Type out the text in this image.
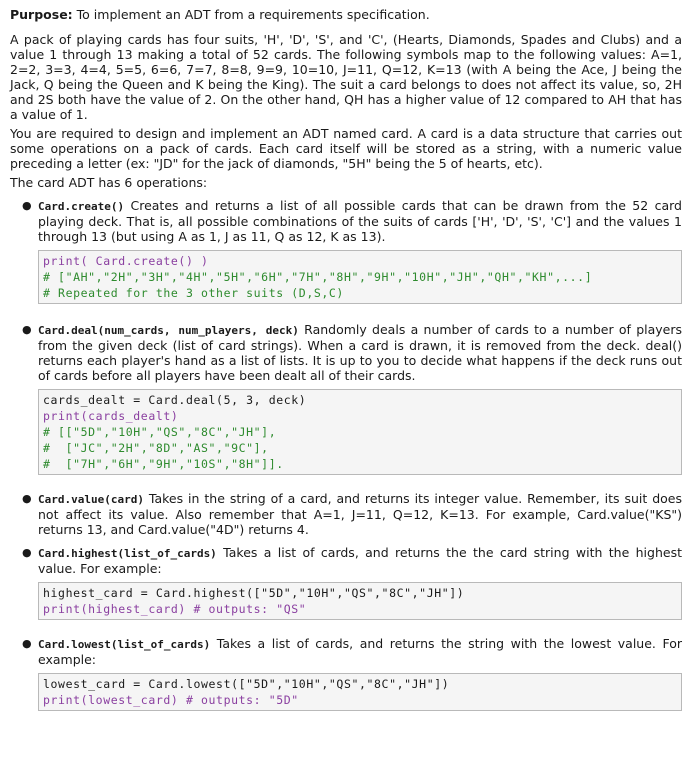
Purpose: To implement an ADT from a requirements specification.

A pack of playing cards has four suits, 'H', 'D', 'S', and 'C', (Hearts, Diamonds, Spades and Clubs) and a value 1 through 13 making a total of 52 cards. The following symbols map to the following values: A=1, 2=2, 3=3, 4=4, 5=5, 6=6, 7=7, 8=8, 9=9, 10=10, J=11, Q=12, K=13 (with A being the Ace, J being the Jack, Q being the Queen and K being the King). The suit a card belongs to does not affect its value, so, 2H and 2S both have the value of 2. On the other hand, QH has a higher value of 12 compared to AH that has a value of 1.

You are required to design and implement an ADT named card. A card is a data structure that carries out some operations on a pack of cards. Each card itself will be stored as a string, with a numeric value preceding a letter (ex: "JD" for the jack of diamonds, "5H" being the 5 of hearts, etc).

The card ADT has 6 operations:

● Card.create() Creates and returns a list of all possible cards that can be drawn from the 52 card playing deck. That is, all possible combinations of the suits of cards ['H', 'D', 'S', 'C'] and the values 1 through 13 (but using A as 1, J as 11, Q as 12, K as 13).
print( Card.create() )
# ["AH","2H","3H","4H","5H","6H","7H","8H","9H","10H","JH","QH","KH",...]
# Repeated for the 3 other suits (D,S,C)
● Card.deal(num_cards, num_players, deck) Randomly deals a number of cards to a number of players from the given deck (list of card strings). When a card is drawn, it is removed from the deck. deal() returns each player's hand as a list of lists. It is up to you to decide what happens if the deck runs out of cards before all players have been dealt all of their cards.
cards_dealt = Card.deal(5, 3, deck)
print(cards_dealt)
# [["5D","10H","QS","8C","JH"],
#  ["JC","2H","8D","AS","9C"],
#  ["7H","6H","9H","10S","8H"]].
● Card.value(card) Takes in the string of a card, and returns its integer value. Remember, its suit does not affect its value. Also remember that A=1, J=11, Q=12, K=13. For example, Card.value("KS") returns 13, and Card.value("4D") returns 4.
● Card.highest(list_of_cards) Takes a list of cards, and returns the the card string with the highest value. For example:
highest_card = Card.highest(["5D","10H","QS","8C","JH"])
print(highest_card) # outputs: "QS"
● Card.lowest(list_of_cards) Takes a list of cards, and returns the string with the lowest value. For example:
lowest_card = Card.lowest(["5D","10H","QS","8C","JH"])
print(lowest_card) # outputs: "5D"
